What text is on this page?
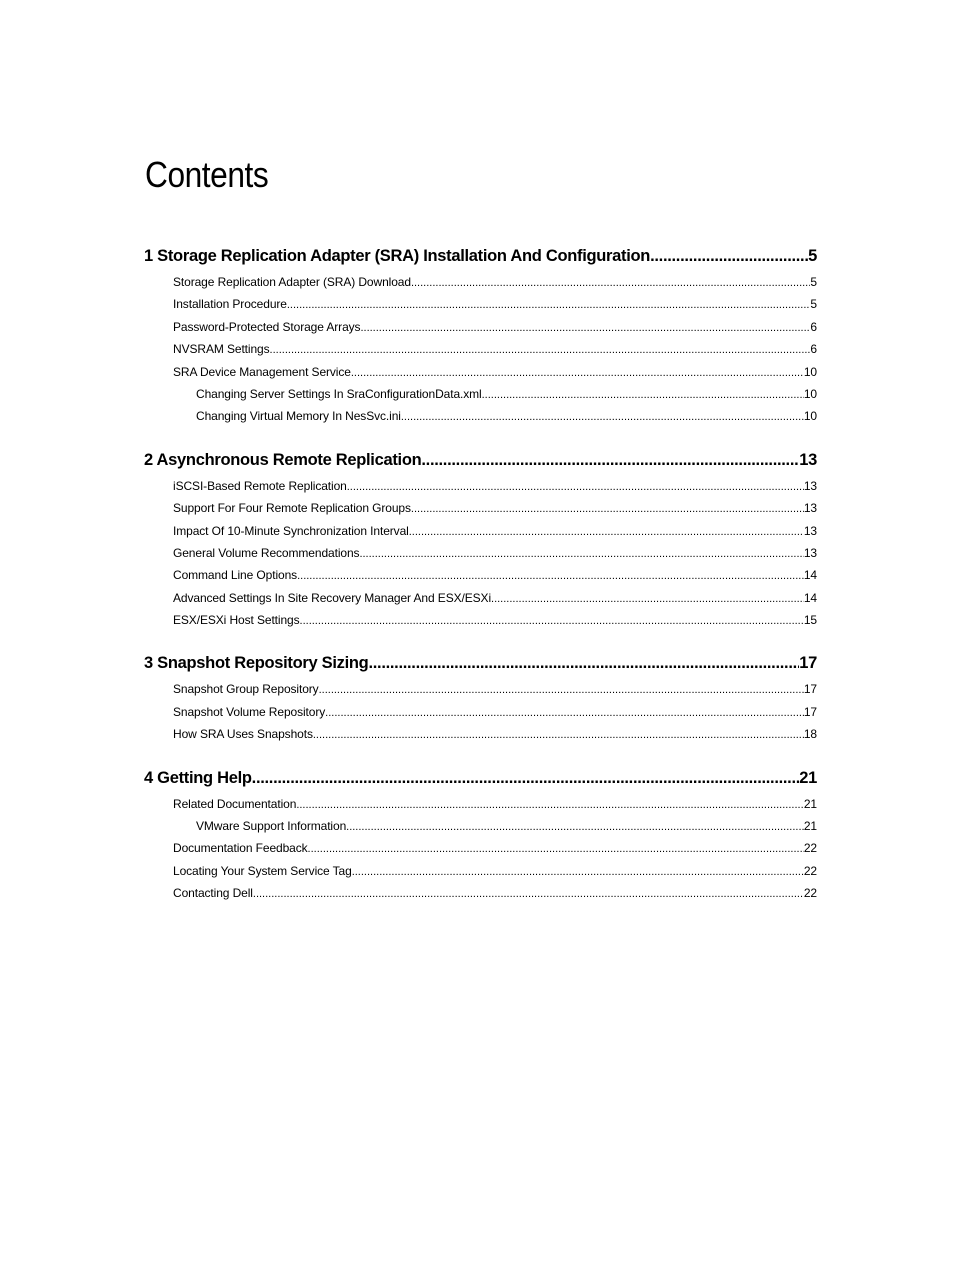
Contents
1 Storage Replication Adapter (SRA) Installation And Configuration .....	5
Storage Replication Adapter (SRA) Download .....	5
Installation Procedure .....	5
Password-Protected Storage Arrays .....	6
NVSRAM Settings .....	6
SRA Device Management Service .....	10
Changing Server Settings In SraConfigurationData.xml .....	10
Changing Virtual Memory In NesSvc.ini .....	10
2 Asynchronous Remote Replication .....	13
iSCSI-Based Remote Replication .....	13
Support For Four Remote Replication Groups .....	13
Impact Of 10-Minute Synchronization Interval .....	13
General Volume Recommendations .....	13
Command Line Options .....	14
Advanced Settings In Site Recovery Manager And ESX/ESXi .....	14
ESX/ESXi Host Settings .....	15
3 Snapshot Repository Sizing .....	17
Snapshot Group Repository .....	17
Snapshot Volume Repository .....	17
How SRA Uses Snapshots .....	18
4 Getting Help .....	21
Related Documentation .....	21
VMware Support Information .....	21
Documentation Feedback .....	22
Locating Your System Service Tag .....	22
Contacting Dell .....	22
